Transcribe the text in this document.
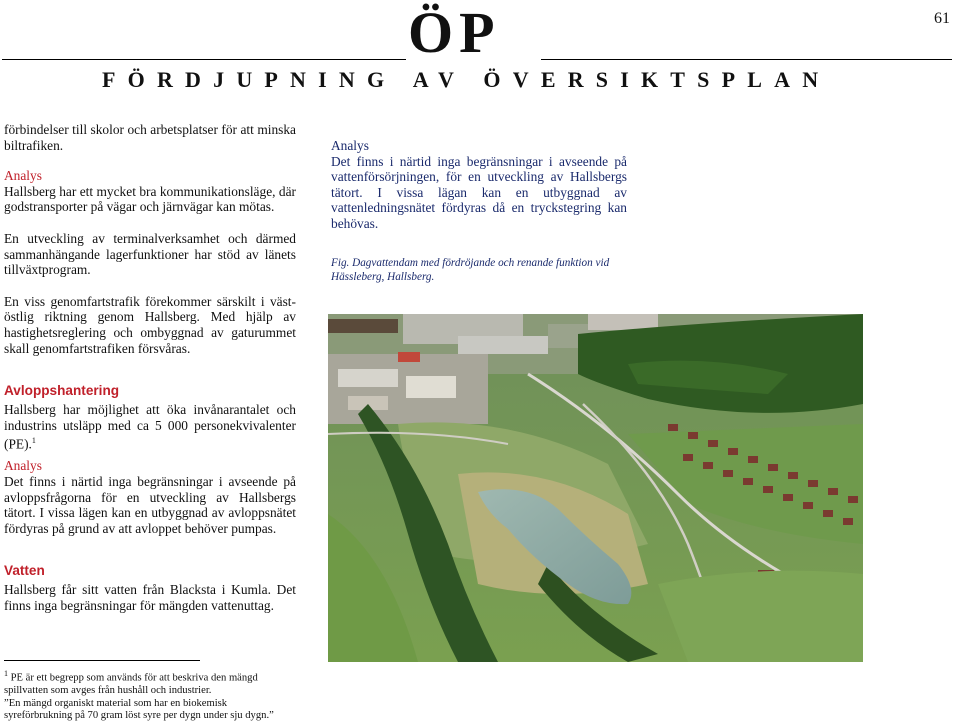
61
ÖP
FÖRDJUPNING AV ÖVERSIKTSPLAN

förbindelser till skolor och arbetsplatser för att minska biltrafiken.

Analys

Hallsberg har ett mycket bra kommunikationsläge, där godstransporter på vägar och järnvägar kan mötas.

En utveckling av terminalverksamhet och därmed sammanhängande lagerfunktioner har stöd av länets tillväxtprogram.

En viss genomfartstrafik förekommer särskilt i väst-östlig riktning genom Hallsberg. Med hjälp av hastighetsreglering och ombyggnad av gaturummet skall genomfartstrafiken försvåras.

Avloppshantering

Hallsberg har möjlighet att öka invånarantalet och industrins utsläpp med ca 5 000 personekvivalenter (PE).$^1$

Analys

Det finns i närtid inga begränsningar i avseende på avloppsfrågorna för en utveckling av Hallsbergs tätort. I vissa lägen kan en utbyggnad av avloppsnätet fördyras på grund av att avloppet behöver pumpas.

Vatten

Hallsberg får sitt vatten från Blacksta i Kumla. Det finns inga begränsningar för mängden vattenuttag.

$^1$ PE är ett begrepp som används för att beskriva den mängd spillvatten som avges från hushåll och industrier.

”En mängd organiskt material som har en biokemisk syreförbrukning på 70 gram löst syre per dygn under sju dygn.”

Analys

Det finns i närtid inga begränsningar i avseende på vattenförsörjningen, för en utveckling av Hallsbergs tätort. I vissa lägan kan en utbyggnad av vattenledningsnätet fördyras då en tryckstegring kan behövas.

Fig. Dagvattendam med fördröjande och renande funktion vid Hässleberg, Hallsberg.
